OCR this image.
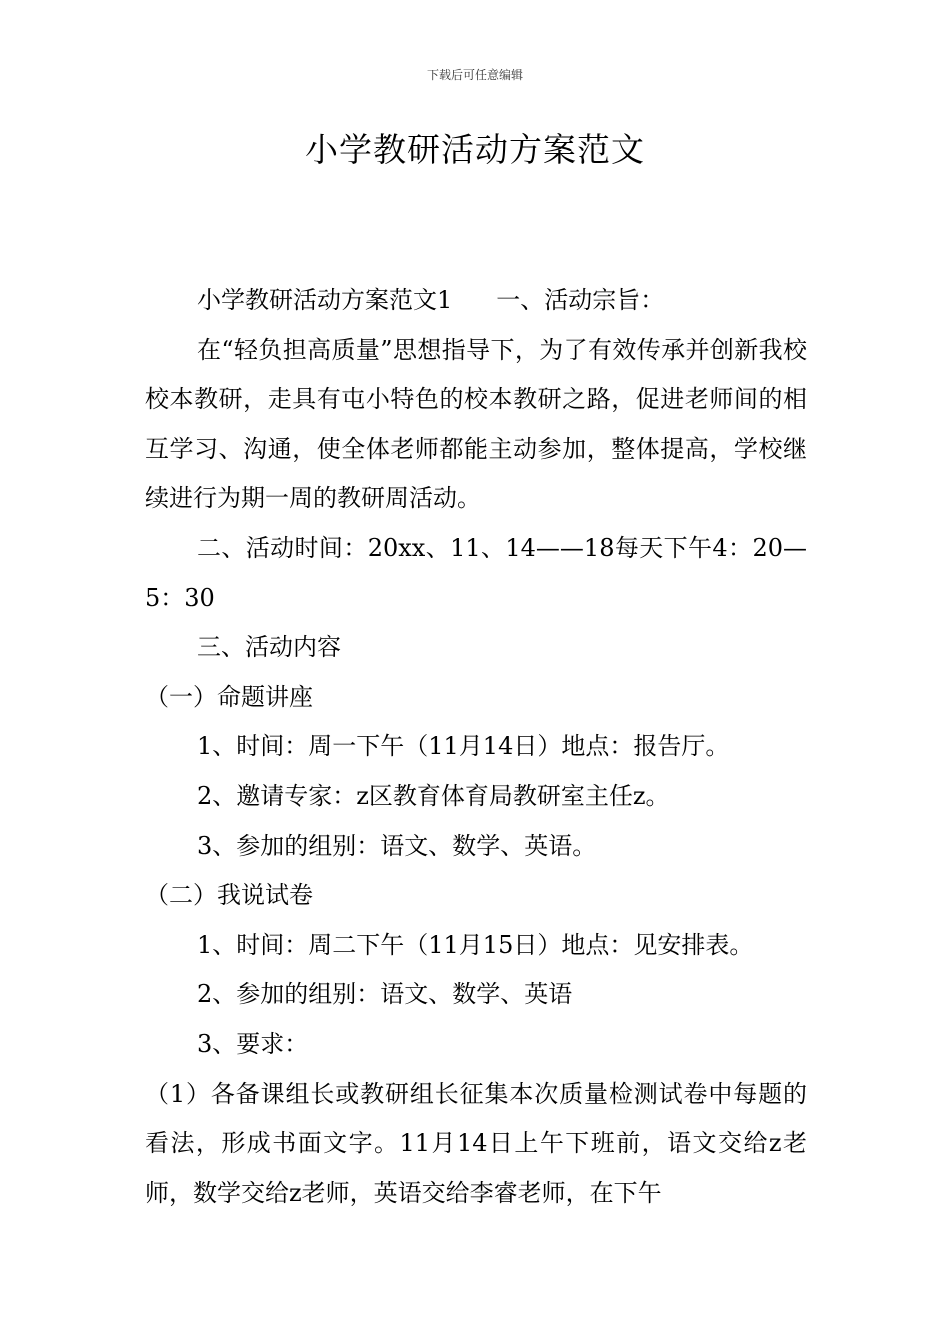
下载后可任意编辑
小学教研活动方案范文

小学教研活动方案范文1 一、活动宗旨：

在“轻负担高质量”思想指导下，为了有效传承并创新我校校本教研，走具有屯小特色的校本教研之路，促进老师间的相互学习、沟通，使全体老师都能主动参加，整体提高，学校继续进行为期一周的教研周活动。

二、活动时间：20xx、11、14——18每天下午4：20—5：30

三、活动内容

（一）命题讲座

1、时间：周一下午（11月14日）地点：报告厅。

2、邀请专家：z区教育体育局教研室主任z。

3、参加的组别：语文、数学、英语。

（二）我说试卷

1、时间：周二下午（11月15日）地点：见安排表。

2、参加的组别：语文、数学、英语

3、要求：

（1）各备课组长或教研组长征集本次质量检测试卷中每题的看法，形成书面文字。11月14日上午下班前，语文交给z老师，数学交给z老师，英语交给李睿老师，在下午
